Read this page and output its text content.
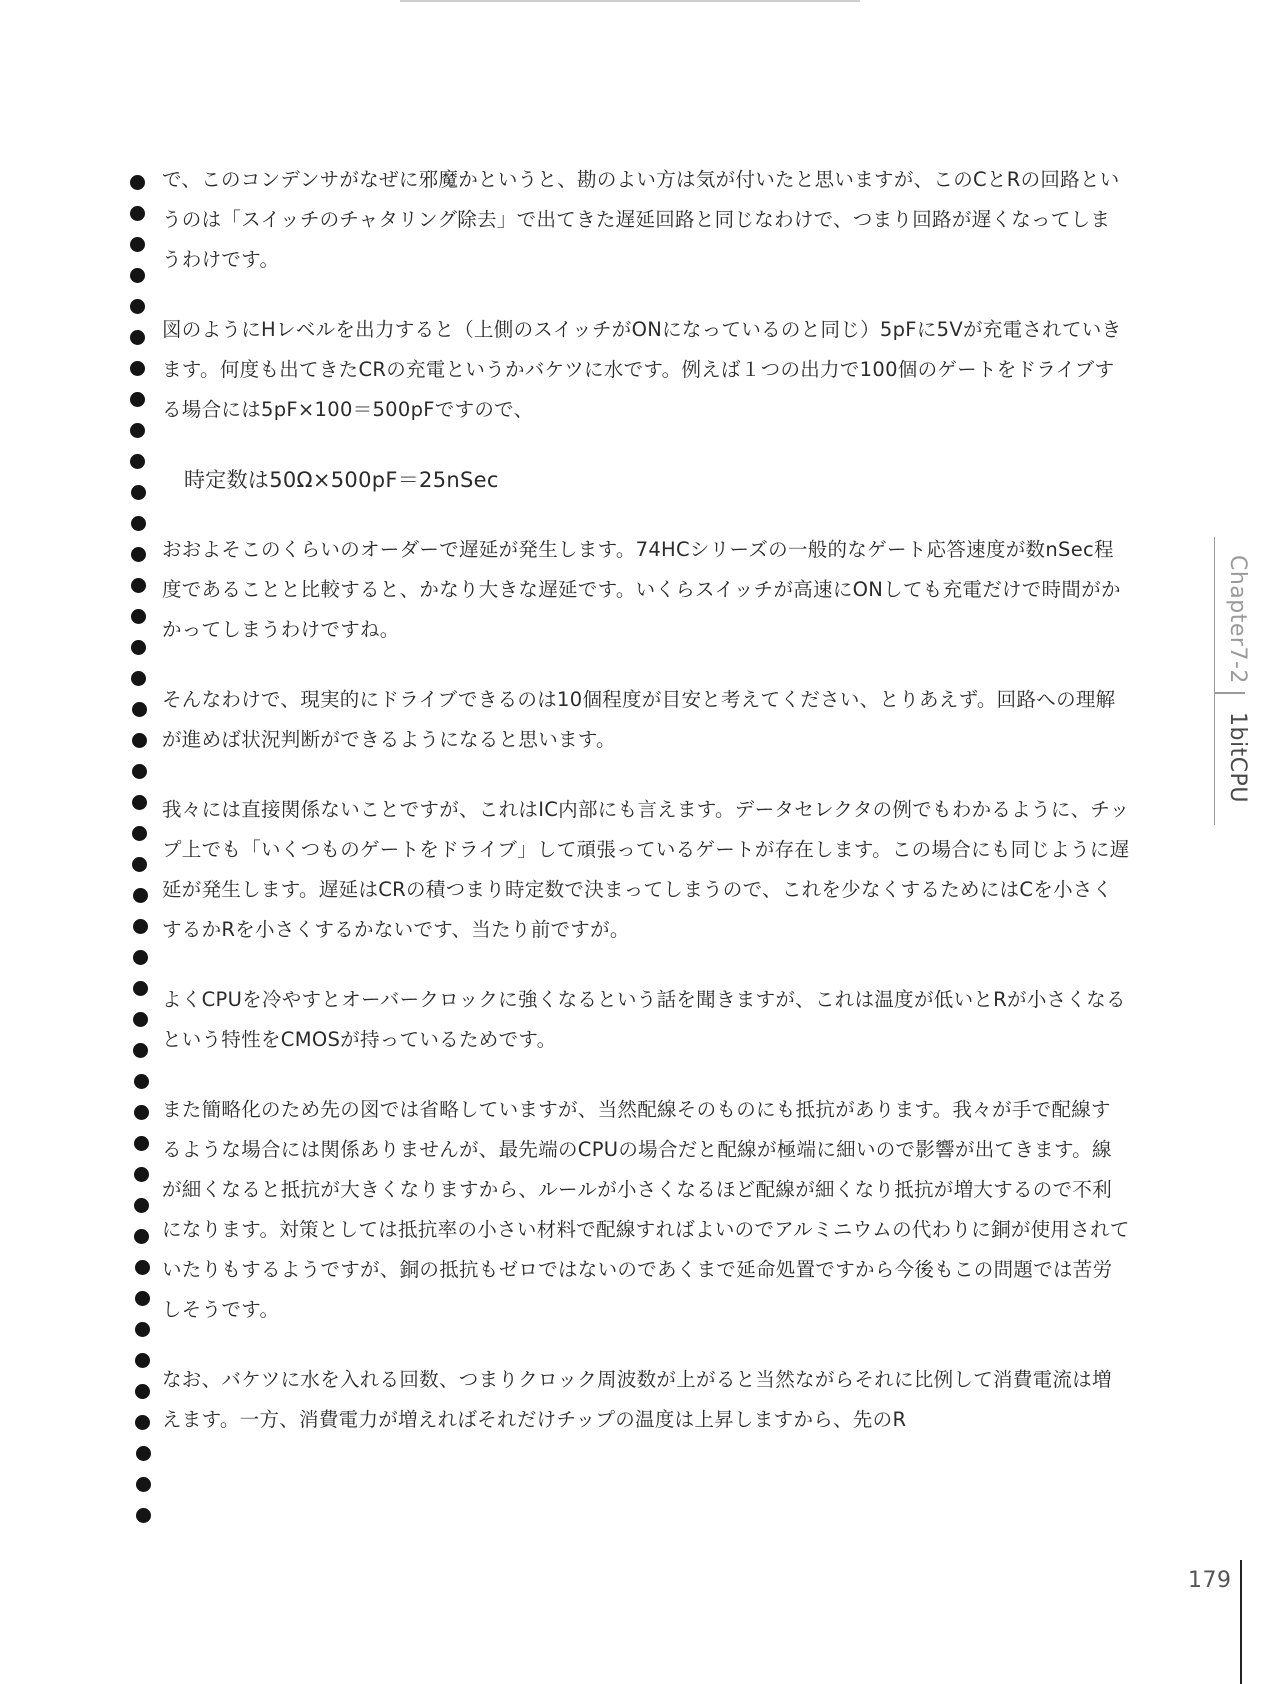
で、このコンデンサがなぜに邪魔かというと、勘のよい方は気が付いたと思いますが、このCとRの回路というのは「スイッチのチャタリング除去」で出てきた遅延回路と同じなわけで、つまり回路が遅くなってしまうわけです。

図のようにHレベルを出力すると（上側のスイッチがONになっているのと同じ）5pFに5Vが充電されていきます。何度も出てきたCRの充電というかバケツに水です。例えば１つの出力で100個のゲートをドライブする場合には5pF×100＝500pFですので、

時定数は50Ω×500pF＝25nSec

おおよそこのくらいのオーダーで遅延が発生します。74HCシリーズの一般的なゲート応答速度が数nSec程度であることと比較すると、かなり大きな遅延です。いくらスイッチが高速にONしても充電だけで時間がかかってしまうわけですね。

そんなわけで、現実的にドライブできるのは10個程度が目安と考えてください、とりあえず。回路への理解が進めば状況判断ができるようになると思います。

我々には直接関係ないことですが、これはIC内部にも言えます。データセレクタの例でもわかるように、チップ上でも「いくつものゲートをドライブ」して頑張っているゲートが存在します。この場合にも同じように遅延が発生します。遅延はCRの積つまり時定数で決まってしまうので、これを少なくするためにはCを小さくするかRを小さくするかないです、当たり前ですが。

よくCPUを冷やすとオーバークロックに強くなるという話を聞きますが、これは温度が低いとRが小さくなるという特性をCMOSが持っているためです。

また簡略化のため先の図では省略していますが、当然配線そのものにも抵抗があります。我々が手で配線するような場合には関係ありませんが、最先端のCPUの場合だと配線が極端に細いので影響が出てきます。線が細くなると抵抗が大きくなりますから、ルールが小さくなるほど配線が細くなり抵抗が増大するので不利になります。対策としては抵抗率の小さい材料で配線すればよいのでアルミニウムの代わりに銅が使用されていたりもするようですが、銅の抵抗もゼロではないのであくまで延命処置ですから今後もこの問題では苦労しそうです。

なお、バケツに水を入れる回数、つまりクロック周波数が上がると当然ながらそれに比例して消費電流は増えます。一方、消費電力が増えればそれだけチップの温度は上昇しますから、先のR

Chapter7-2
1bitCPU
179
